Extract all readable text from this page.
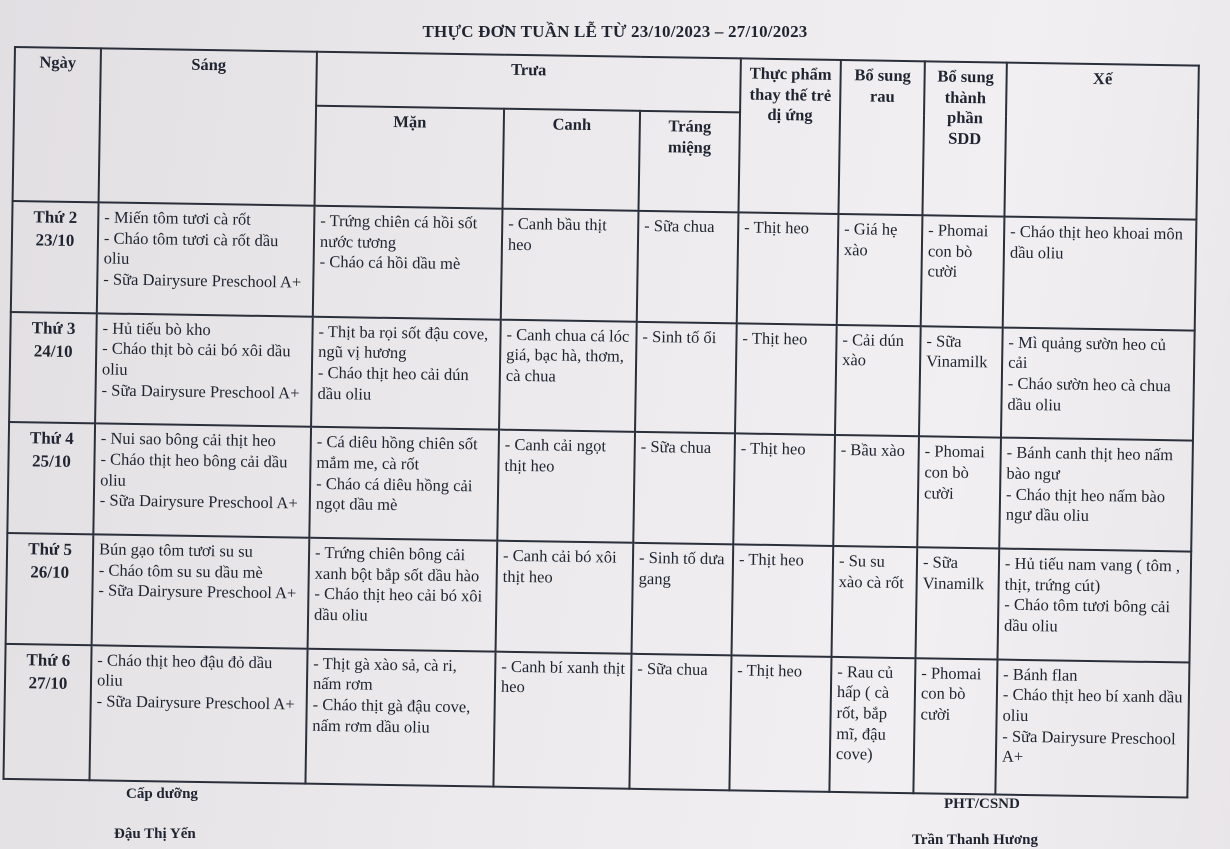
THỰC ĐƠN TUẦN LỄ TỪ 23/10/2023 – 27/10/2023
Ngày	Sáng	Trưa			Thực phẩm thay thế trẻ dị ứng	Bổ sung rau	Bổ sung thành phần SDD	Xế
		Mặn	Canh	Tráng miệng				

Thứ 2
23/10	- Miến tôm tươi cà rốt
- Cháo tôm tươi cà rốt dầu oliu
- Sữa Dairysure Preschool A+	- Trứng chiên cá hồi sốt nước tương
- Cháo cá hồi dầu mè	- Canh bầu thịt heo	- Sữa chua	- Thịt heo	- Giá hẹ xào	- Phomai con bò cười	- Cháo thịt heo khoai môn dầu oliu

Thứ 3
24/10	- Hủ tiếu bò kho
- Cháo thịt bò cải bó xôi dầu oliu
- Sữa Dairysure Preschool A+	- Thịt ba rọi sốt đậu cove, ngũ vị hương
- Cháo thịt heo cải dún dầu oliu	- Canh chua cá lóc giá, bạc hà, thơm, cà chua	- Sinh tố ổi	- Thịt heo	- Cải dún xào	- Sữa Vinamilk	- Mì quảng sườn heo củ cải
- Cháo sườn heo cà chua dầu oliu

Thứ 4
25/10	- Nui sao bông cải thịt heo
- Cháo thịt heo bông cải dầu oliu
- Sữa Dairysure Preschool A+	- Cá diêu hồng chiên sốt mắm me, cà rốt
- Cháo cá diêu hồng cải ngọt dầu mè	- Canh cải ngọt thịt heo	- Sữa chua	- Thịt heo	- Bầu xào	- Phomai con bò cười	- Bánh canh thịt heo nấm bào ngư
- Cháo thịt heo nấm bào ngư dầu oliu

Thứ 5
26/10	Bún gạo tôm tươi su su
- Cháo tôm su su dầu mè
- Sữa Dairysure Preschool A+	- Trứng chiên bông cải xanh bột bắp sốt dầu hào
- Cháo thịt heo cải bó xôi dầu oliu	- Canh cải bó xôi thịt heo	- Sinh tố dưa gang	- Thịt heo	- Su su xào cà rốt	- Sữa Vinamilk	- Hủ tiếu nam vang ( tôm , thịt, trứng cút)
- Cháo tôm tươi bông cải dầu oliu

Thứ 6
27/10	- Cháo thịt heo đậu đỏ dầu oliu
- Sữa Dairysure Preschool A+	- Thịt gà xào sả, cà ri, nấm rơm
- Cháo thịt gà đậu cove, nấm rơm dầu oliu	- Canh bí xanh thịt heo	- Sữa chua	- Thịt heo	- Rau củ hấp ( cà rốt, bắp mĩ, đậu cove)	- Phomai con bò cười	- Bánh flan
- Cháo thịt heo bí xanh dầu oliu
- Sữa Dairysure Preschool A+
Cấp dưỡng
Đậu Thị Yến
PHT/CSND
Trần Thanh Hương
